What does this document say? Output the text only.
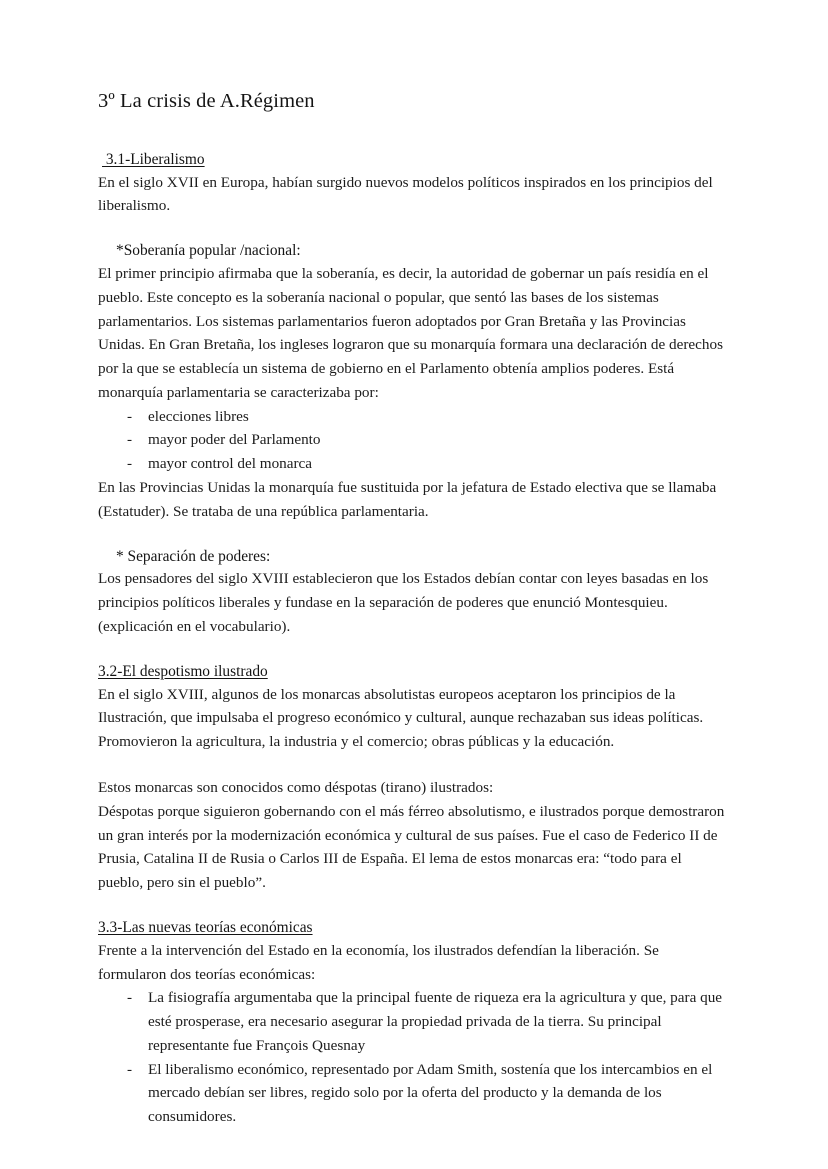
3º La crisis de A.Régimen
3.1-Liberalismo

En el siglo XVII en Europa, habían surgido nuevos modelos políticos inspirados en los principios del liberalismo.

*Soberanía popular /nacional:

El primer principio afirmaba que la soberanía, es decir, la autoridad de gobernar un país residía en el pueblo. Este concepto es la soberanía nacional o popular, que sentó las bases de los sistemas parlamentarios. Los sistemas parlamentarios fueron adoptados por Gran Bretaña y las Provincias Unidas. En Gran Bretaña, los ingleses lograron que su monarquía formara una declaración de derechos por la que se establecía un sistema de gobierno en el Parlamento obtenía amplios poderes. Está monarquía parlamentaria se caracterizaba por:

- elecciones libres
- mayor poder del Parlamento
- mayor control del monarca

En las Provincias Unidas la monarquía fue sustituida por la jefatura de Estado electiva que se llamaba (Estatuder). Se trataba de una república parlamentaria.

* Separación de poderes:

Los pensadores del siglo XVIII establecieron que los Estados debían contar con leyes basadas en los principios políticos liberales y fundase en la separación de poderes que enunció Montesquieu. (explicación en el vocabulario).

3.2-El despotismo ilustrado

En el siglo XVIII, algunos de los monarcas absolutistas europeos aceptaron los principios de la Ilustración, que impulsaba el progreso económico y cultural, aunque rechazaban sus ideas políticas. Promovieron la agricultura, la industria y el comercio; obras públicas y la educación.

Estos monarcas son conocidos como déspotas (tirano) ilustrados:

Déspotas porque siguieron gobernando con el más férreo absolutismo, e ilustrados porque demostraron un gran interés por la modernización económica y cultural de sus países. Fue el caso de Federico II de Prusia, Catalina II de Rusia o Carlos III de España. El lema de estos monarcas era: “todo para el pueblo, pero sin el pueblo”.

3.3-Las nuevas teorías económicas

Frente a la intervención del Estado en la economía, los ilustrados defendían la liberación. Se formularon dos teorías económicas:

- La fisiografía argumentaba que la principal fuente de riqueza era la agricultura y que, para que esté prosperase, era necesario asegurar la propiedad privada de la tierra. Su principal representante fue François Quesnay
- El liberalismo económico, representado por Adam Smith, sostenía que los intercambios en el mercado debían ser libres, regido solo por la oferta del producto y la demanda de los consumidores.
